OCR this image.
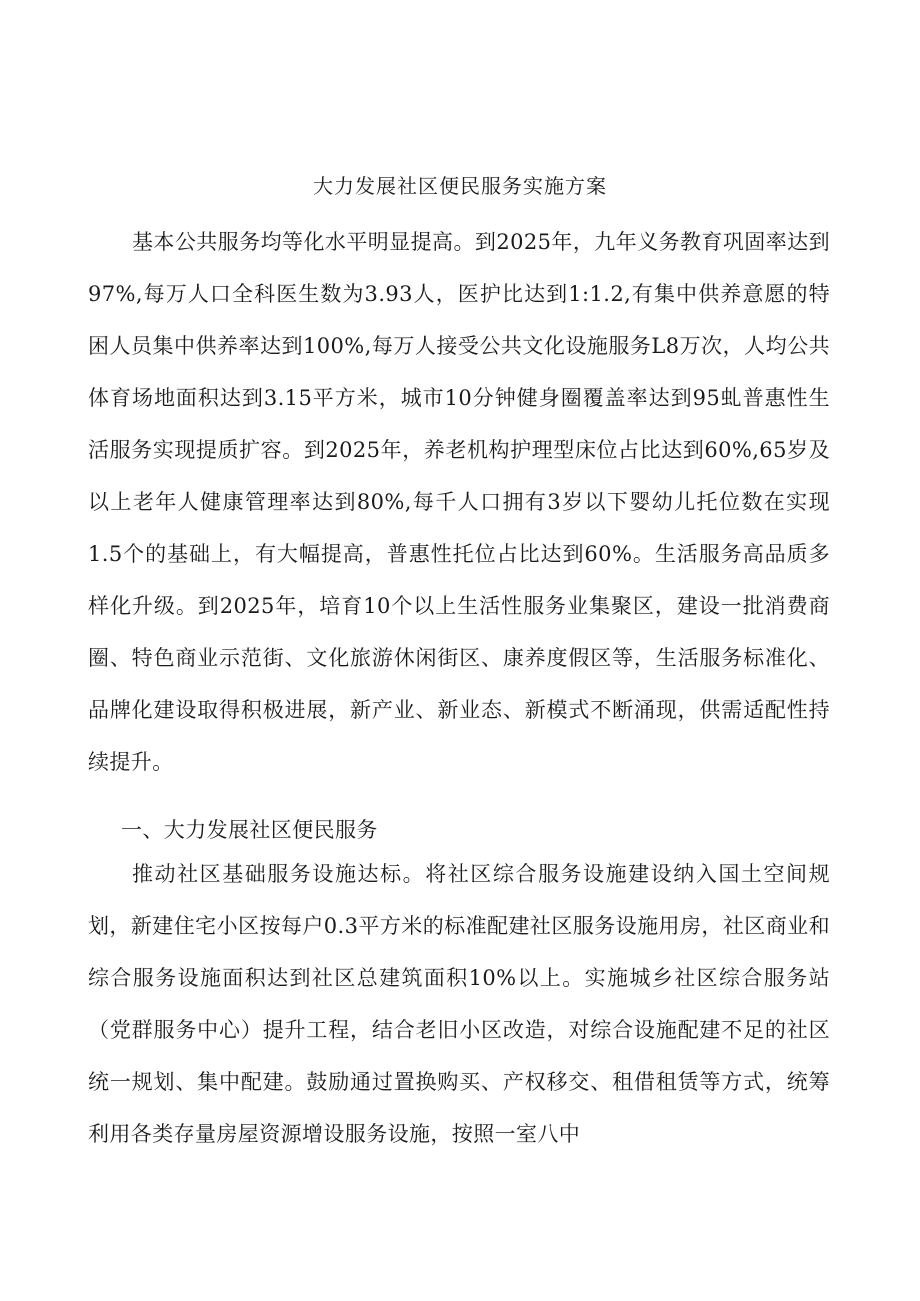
大力发展社区便民服务实施方案

基本公共服务均等化水平明显提高。到2025年，九年义务教育巩固率达到97%,每万人口全科医生数为3.93人，医护比达到1:1.2,有集中供养意愿的特困人员集中供养率达到100%,每万人接受公共文化设施服务L8万次，人均公共体育场地面积达到3.15平方米，城市10分钟健身圈覆盖率达到95虬普惠性生活服务实现提质扩容。到2025年，养老机构护理型床位占比达到60%,65岁及以上老年人健康管理率达到80%,每千人口拥有3岁以下婴幼儿托位数在实现1.5个的基础上，有大幅提高，普惠性托位占比达到60%。生活服务高品质多样化升级。到2025年，培育10个以上生活性服务业集聚区，建设一批消费商圈、特色商业示范街、文化旅游休闲街区、康养度假区等，生活服务标准化、品牌化建设取得积极进展，新产业、新业态、新模式不断涌现，供需适配性持续提升。

一、大力发展社区便民服务

推动社区基础服务设施达标。将社区综合服务设施建设纳入国土空间规划，新建住宅小区按每户0.3平方米的标准配建社区服务设施用房，社区商业和综合服务设施面积达到社区总建筑面积10%以上。实施城乡社区综合服务站（党群服务中心）提升工程，结合老旧小区改造，对综合设施配建不足的社区统一规划、集中配建。鼓励通过置换购买、产权移交、租借租赁等方式，统筹利用各类存量房屋资源增设服务设施，按照一室八中
